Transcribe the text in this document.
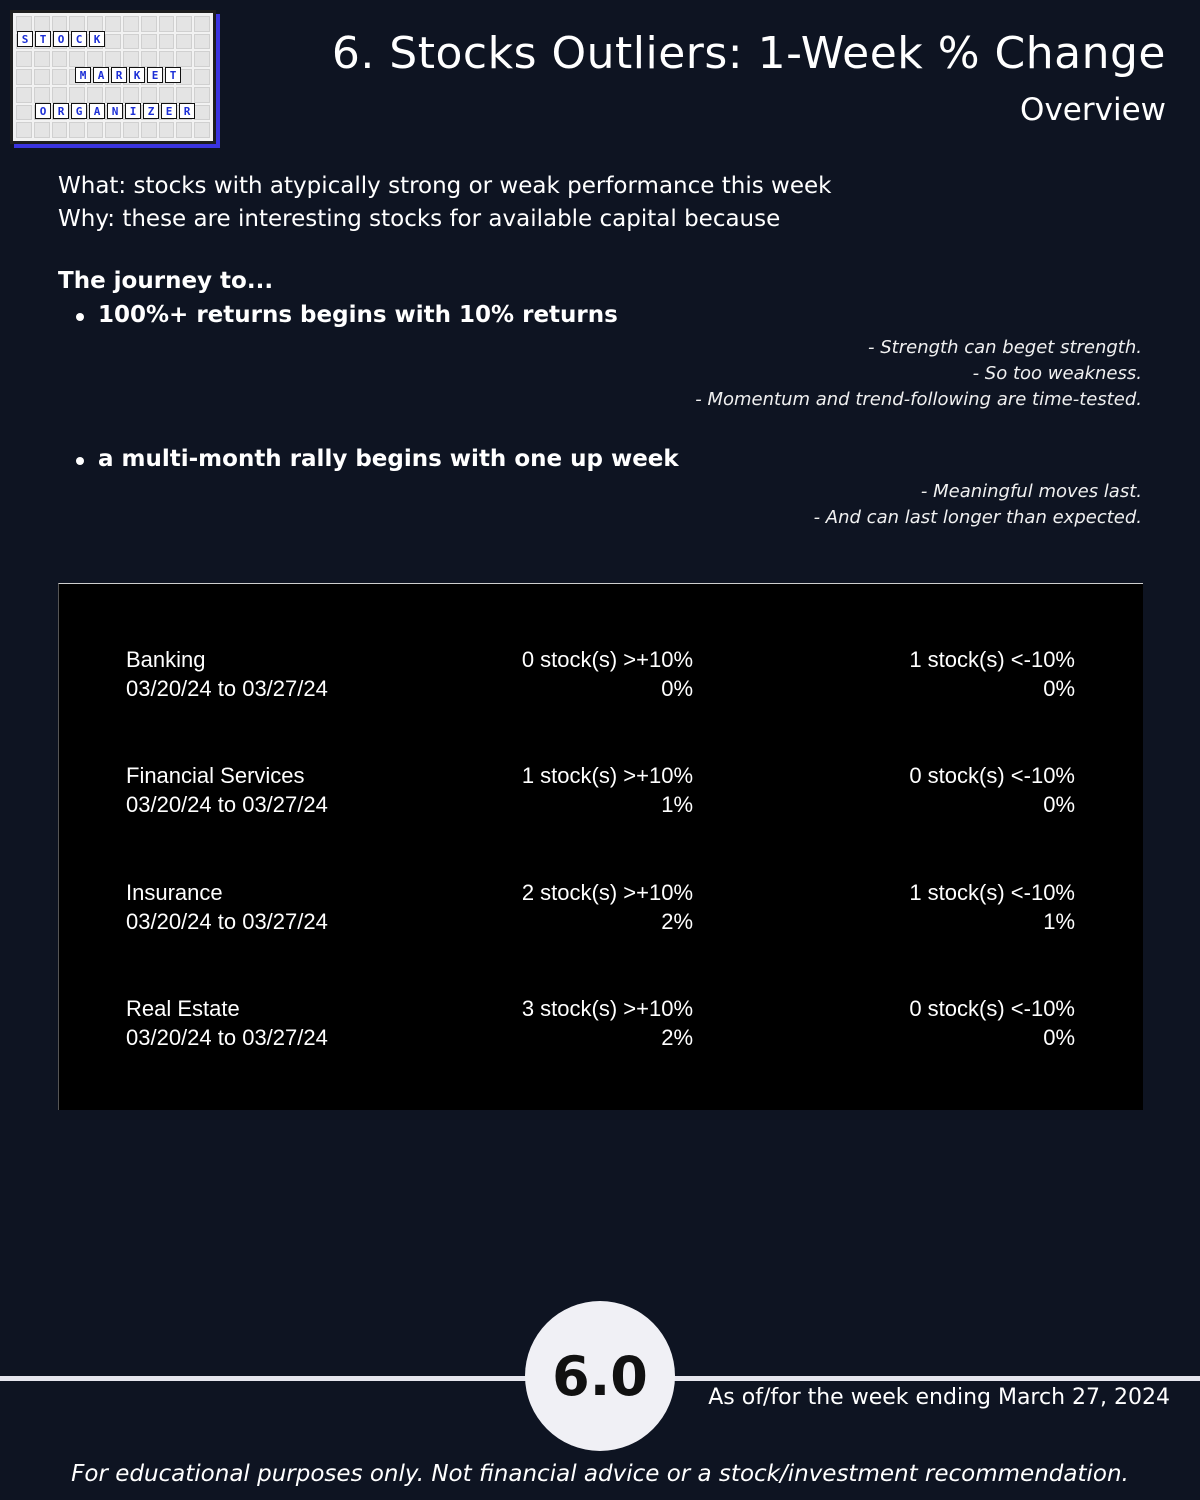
S	T	O	C	K
M	A	R	K	E	T
O	R	G	A	N	I	Z	E	R
6. Stocks Outliers: 1-Week % Change
Overview
What: stocks with atypically strong or weak performance this week
Why: these are interesting stocks for available capital because
The journey to...
100%+ returns begins with 10% returns
- Strength can beget strength.
- So too weakness.
- Momentum and trend-following are time-tested.
a multi-month rally begins with one up week
- Meaningful moves last.
- And can last longer than expected.
Banking
03/20/24 to 03/27/24
0 stock(s) >+10%
0%
1 stock(s) <-10%
0%
Financial Services
03/20/24 to 03/27/24
1 stock(s) >+10%
1%
0 stock(s) <-10%
0%
Insurance
03/20/24 to 03/27/24
2 stock(s) >+10%
2%
1 stock(s) <-10%
1%
Real Estate
03/20/24 to 03/27/24
3 stock(s) >+10%
2%
0 stock(s) <-10%
0%
6.0	As of/for the week ending March 27, 2024
For educational purposes only. Not financial advice or a stock/investment recommendation.
